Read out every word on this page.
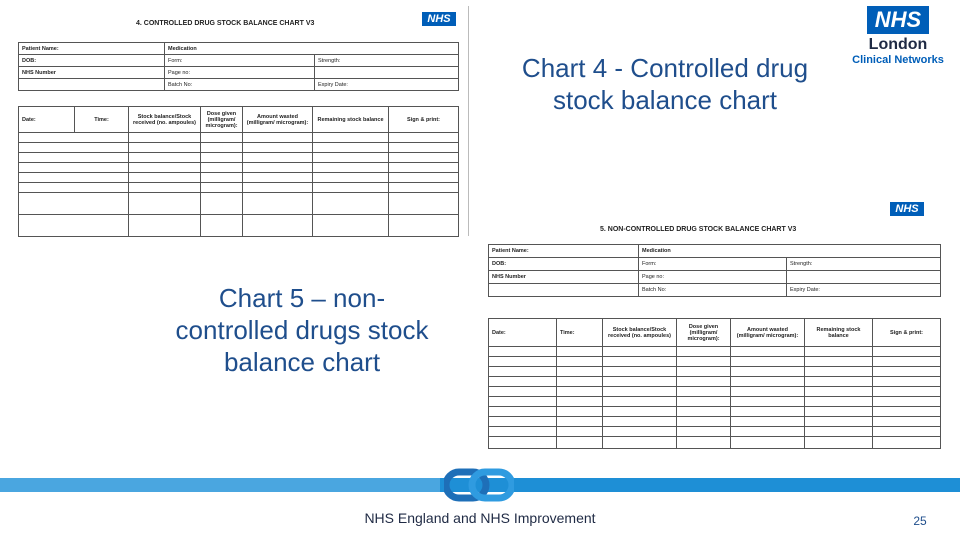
4. CONTROLLED DRUG STOCK BALANCE CHART V3	NHS
Patient Name:	Medication	
DOB:	Form:	Strength:
NHS Number	Page no:	
	Batch No:	Expiry Date:
Date:	Time:	Stock balance/Stock received (no. ampoules)	Dose given (milligram/ microgram):	Amount wasted (milligram/ microgram):	Remaining stock balance	Sign & print:

Chart 4 - Controlled drug
stock balance chart
NHS
London
Clinical Networks
Chart 5 – non-
controlled drugs stock
balance chart
NHS
5. NON-CONTROLLED DRUG STOCK BALANCE CHART V3
Patient Name:	Medication	
DOB:	Form:	Strength:
NHS Number	Page no:	
	Batch No:	Expiry Date:
Date:	Time:	Stock balance/Stock received (no. ampoules)	Dose given (milligram/ microgram):	Amount wasted (milligram/ microgram):	Remaining stock balance	Sign & print:

NHS England and NHS Improvement	25
